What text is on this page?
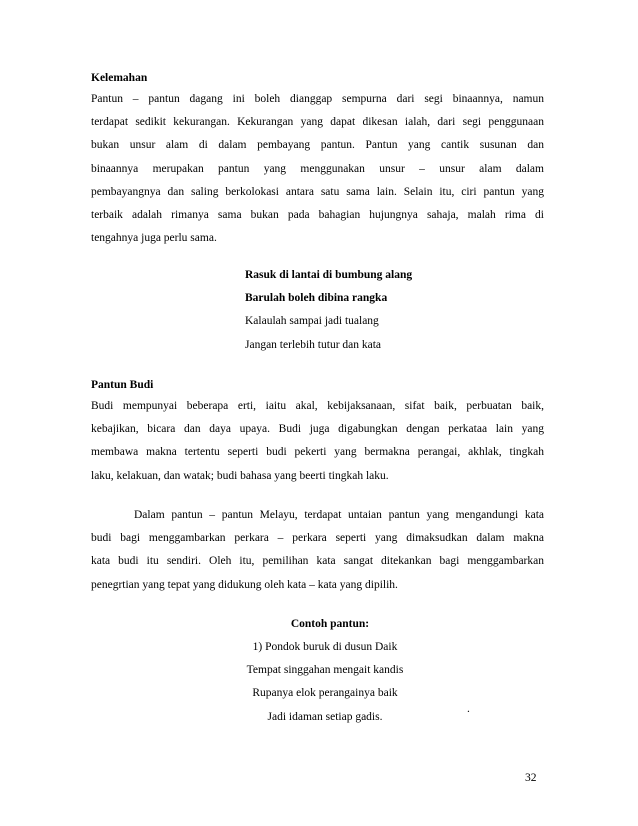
Kelemahan
Pantun – pantun dagang ini boleh dianggap sempurna dari segi binaannya, namun
terdapat sedikit kekurangan. Kekurangan yang dapat dikesan ialah, dari segi penggunaan
bukan unsur alam di dalam pembayang pantun. Pantun yang cantik susunan dan
binaannya merupakan pantun yang menggunakan unsur – unsur alam dalam
pembayangnya dan saling berkolokasi antara satu sama lain. Selain itu, ciri pantun yang
terbaik adalah rimanya sama bukan pada bahagian hujungnya sahaja, malah rima di
tengahnya juga perlu sama.
Rasuk di lantai di bumbung alang
Barulah boleh dibina rangka
Kalaulah sampai jadi tualang
Jangan terlebih tutur dan kata
Pantun Budi
Budi mempunyai beberapa erti, iaitu akal, kebijaksanaan, sifat baik, perbuatan baik,
kebajikan, bicara dan daya upaya. Budi juga digabungkan dengan perkataa lain yang
membawa makna tertentu seperti budi pekerti yang bermakna perangai, akhlak, tingkah
laku, kelakuan, dan watak; budi bahasa yang beerti tingkah laku.
Dalam pantun – pantun Melayu, terdapat untaian pantun yang mengandungi kata
budi bagi menggambarkan perkara – perkara seperti yang dimaksudkan dalam makna
kata budi itu sendiri. Oleh itu, pemilihan kata sangat ditekankan bagi menggambarkan
penegrtian yang tepat yang didukung oleh kata – kata yang dipilih.
Contoh pantun:
1) Pondok buruk di dusun Daik
Tempat singgahan mengait kandis
Rupanya elok perangainya baik
Jadi idaman setiap gadis.
.
32
